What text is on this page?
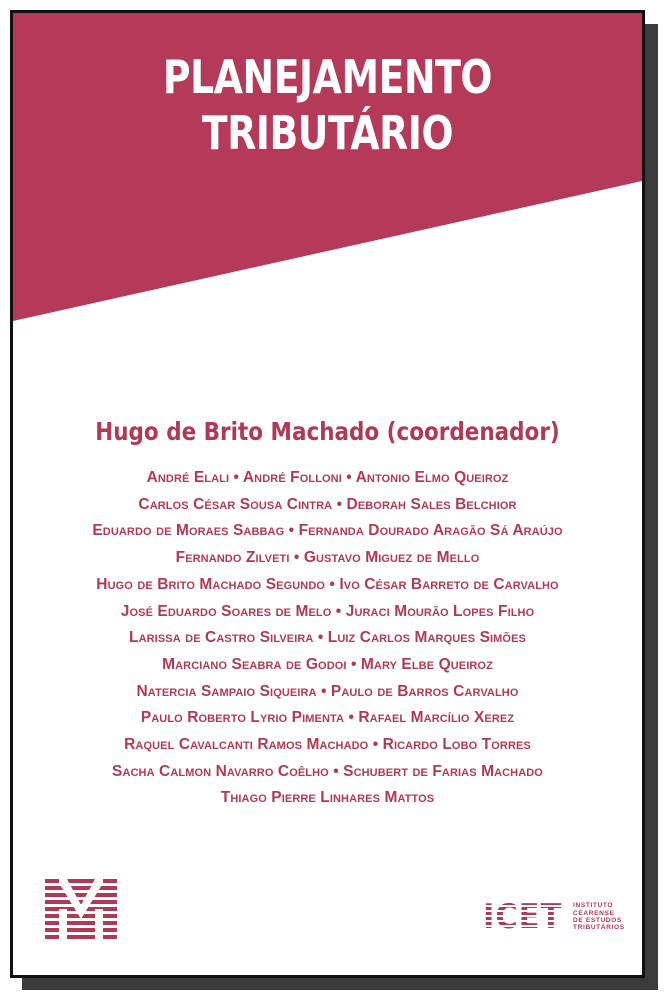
PLANEJAMENTO
TRIBUTÁRIO
Hugo de Brito Machado (coordenador)
André Elali • André Folloni • Antonio Elmo Queiroz
Carlos César Sousa Cintra • Deborah Sales Belchior
Eduardo de Moraes Sabbag • Fernanda Dourado Aragão Sá Araújo
Fernando Zilveti • Gustavo Miguez de Mello
Hugo de Brito Machado Segundo • Ivo César Barreto de Carvalho
José Eduardo Soares de Melo • Juraci Mourão Lopes Filho
Larissa de Castro Silveira • Luiz Carlos Marques Simões
Marciano Seabra de Godoi • Mary Elbe Queiroz
Natercia Sampaio Siqueira • Paulo de Barros Carvalho
Paulo Roberto Lyrio Pimenta • Rafael Marcílio Xerez
Raquel Cavalcanti Ramos Machado • Ricardo Lobo Torres
Sacha Calmon Navarro Coêlho • Schubert de Farias Machado
Thiago Pierre Linhares Mattos
ICET INSTITUTO
CEARENSE
DE ESTUDOS
TRIBUTÁRIOS
